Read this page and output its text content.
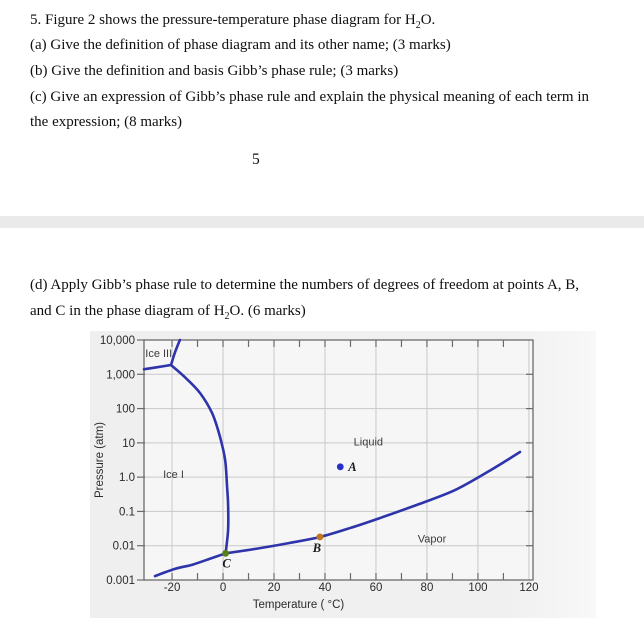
5. Figure 2 shows the pressure-temperature phase diagram for $H_2O$.
(a) Give the definition of phase diagram and its other name; (3 marks)
(b) Give the definition and basis Gibb’s phase rule; (3 marks)
(c) Give an expression of Gibb’s phase rule and explain the physical meaning of each term in
the expression; (8 marks)
5
(d) Apply Gibb’s phase rule to determine the numbers of degrees of freedom at points A, B,
and C in the phase diagram of $H_2O$. (6 marks)
Ice III
Ice I
Liquid
Vapor
A
B
C
-20	0	20	40	60	80	100	120
10,000
1,000
100
10
1.0
0.1
0.01
0.001
Temperature ( °C)
Pressure (atm)
